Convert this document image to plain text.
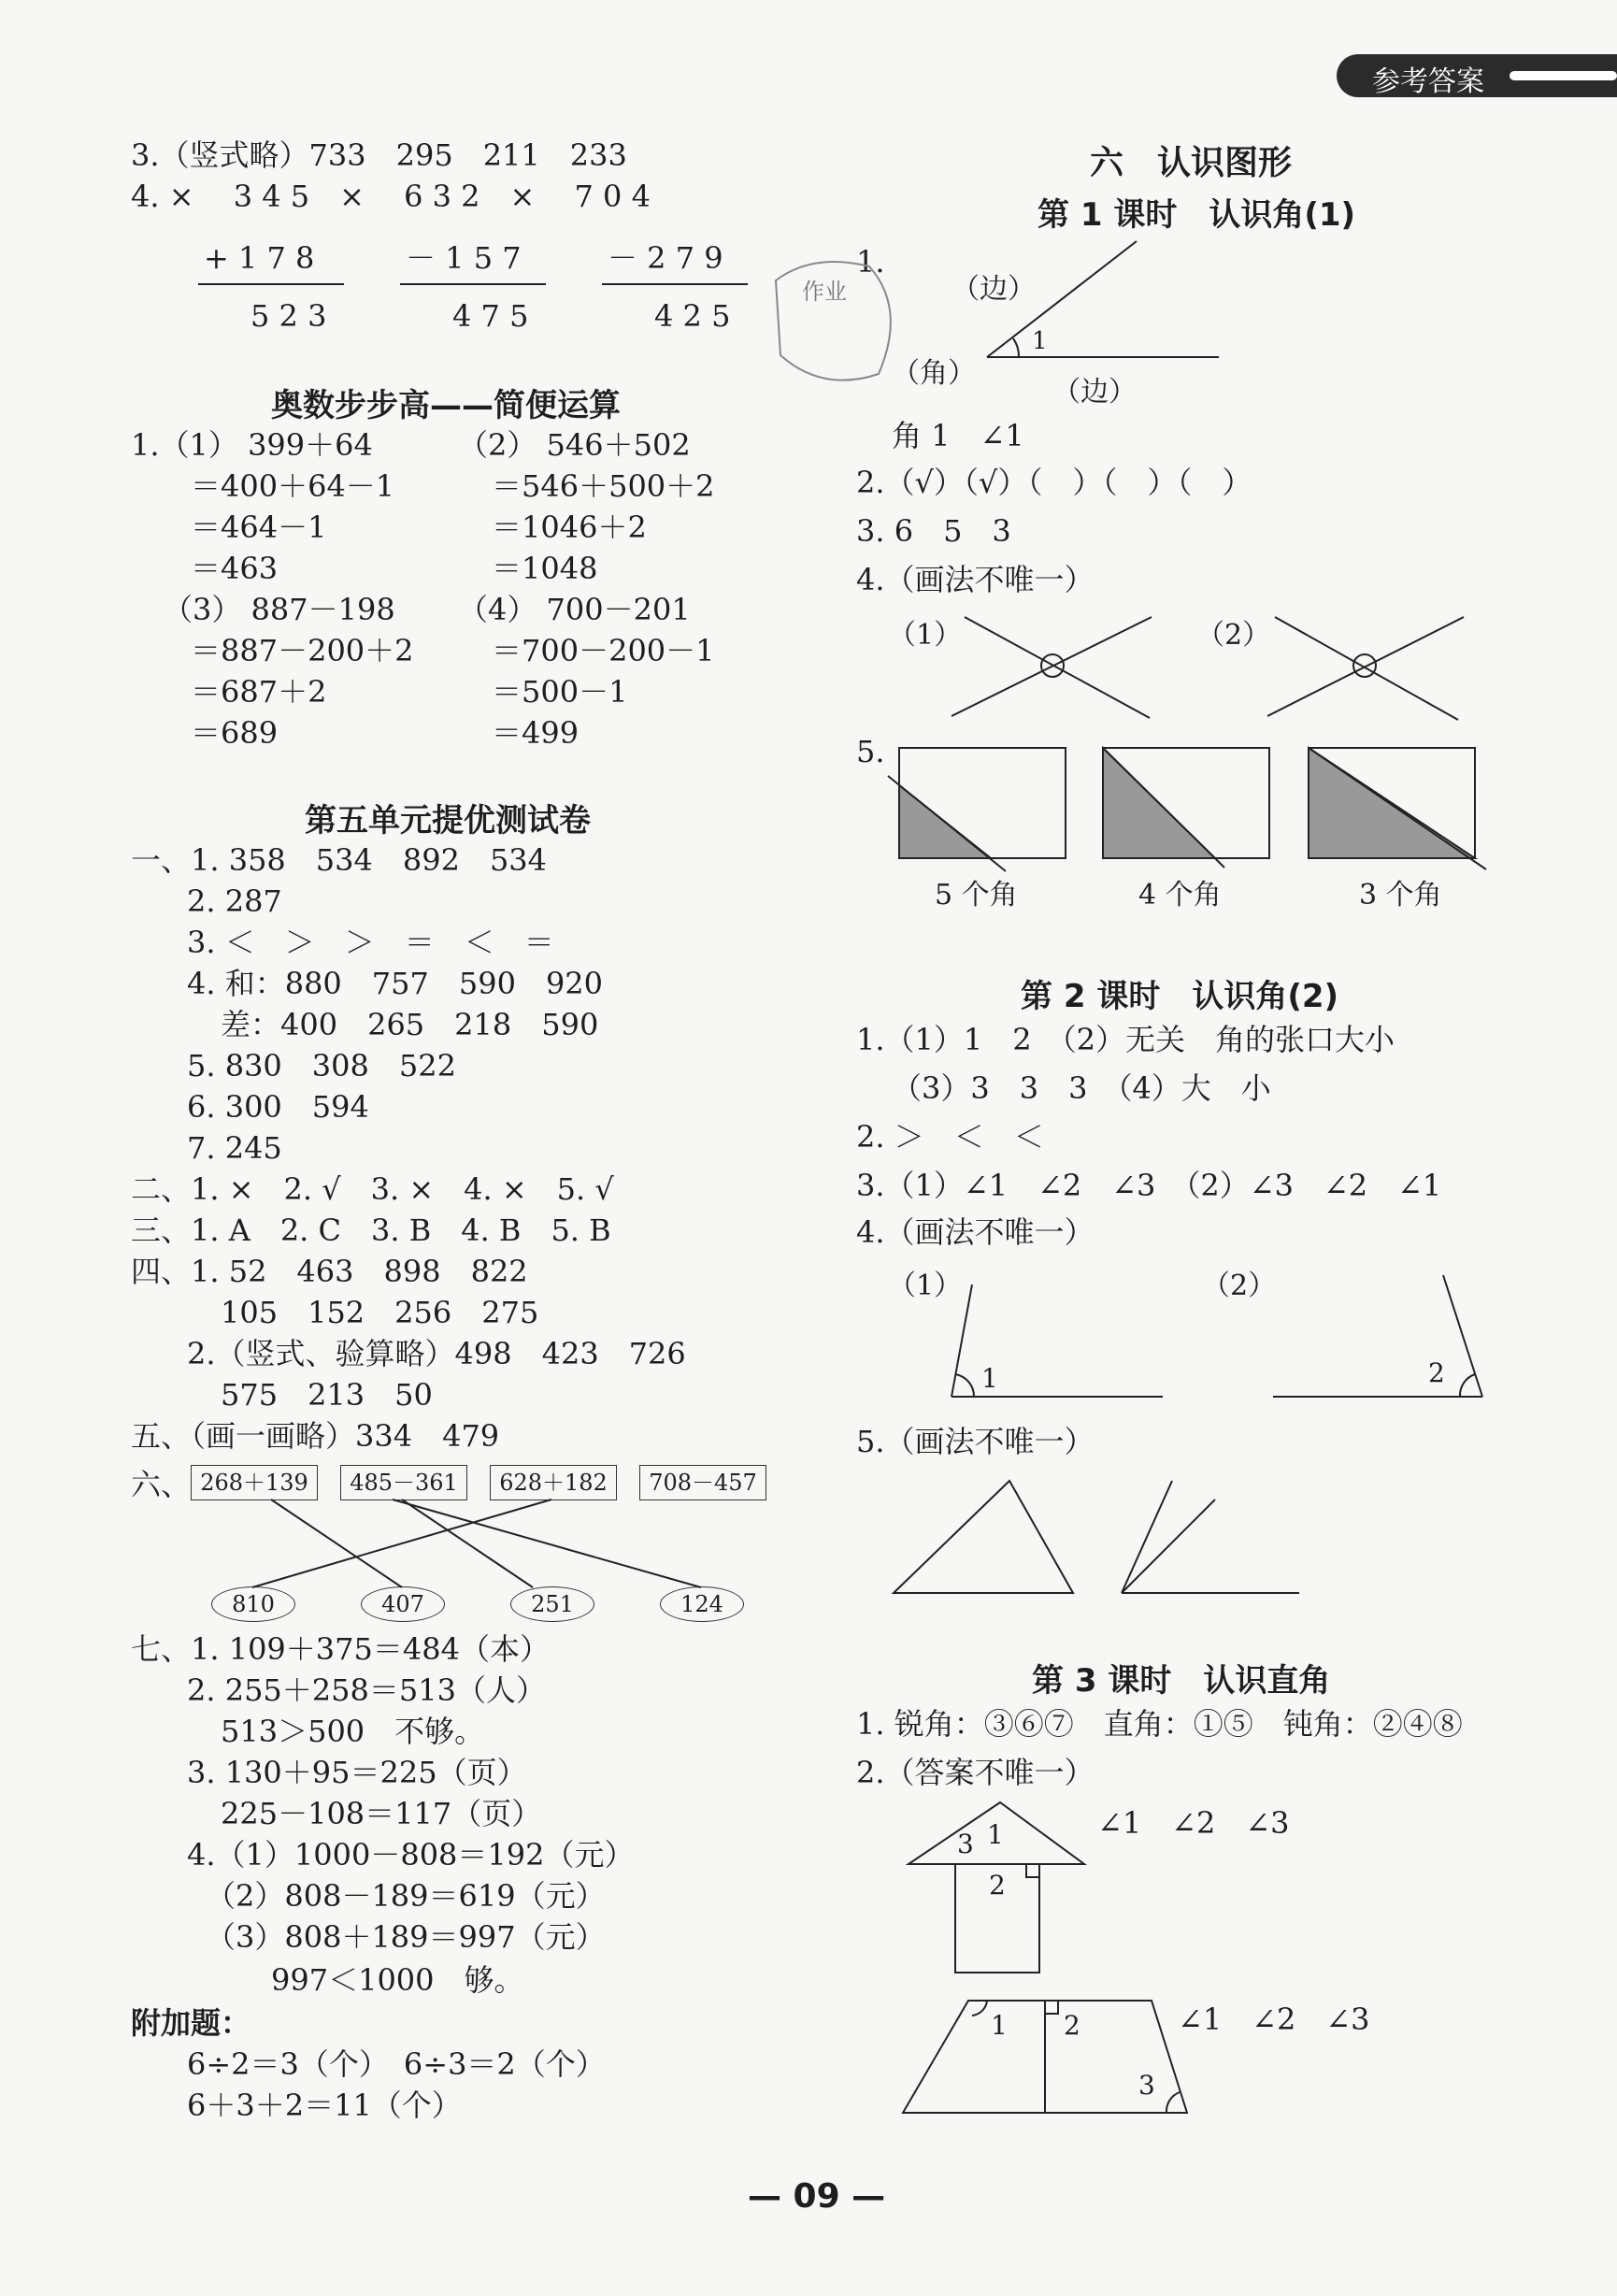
参考答案
3.（竖式略）733　295　211　233
4. ×　 3 4 5　×　 6 3 2　×　 7 0 4
+ 1 7 8
5 2 3
－ 1 5 7
4 7 5
－ 2 7 9
4 2 5
作业
奥数步步高——简便运算
1.（1） 399＋64	（2） 546＋502
＝400＋64－1	＝546＋500＋2
＝464－1	＝1046＋2
＝463	＝1048
（3） 887－198 （4） 700－201
＝887－200＋2	＝700－200－1
＝687＋2	＝500－1
＝689	＝499
第五单元提优测试卷
一、1. 358　534　892　534
2. 287
3. ＜　＞　＞　＝　＜　＝
4. 和：880　757　590　920
差：400　265　218　590
5. 830　308　522
6. 300　594
7. 245
二、1. ×　2. √　3. ×　4. ×　5. √
三、1. A　2. C　3. B　4. B　5. B
四、1. 52　463　898　822
105　152　256　275
2.（竖式、验算略）498　423　726
575　213　50
五、（画一画略）334　479
六、 268＋139	485－361	628＋182	708－457
810	407	251	124
七、1. 109＋375＝484（本）
2. 255＋258＝513（人）
513＞500　不够。
3. 130＋95＝225（页）
225－108＝117（页）
4.（1）1000－808＝192（元）
（2）808－189＝619（元）
（3）808＋189＝997（元）
997＜1000　够。
附加题：
6÷2＝3（个）　6÷3＝2（个）
6＋3＋2＝11（个）
六　认识图形
第 1 课时　认识角(1)
1.
（边）
（角）
（边）
1
角 1　∠1
2.（√）（√）（　）（　）（　）
3. 6　5　3
4.（画法不唯一）
（1）	（2）
5.
5 个角	4 个角	3 个角
第 2 课时　认识角(2)
1.（1）1　2　（2）无关　角的张口大小
（3）3　3　3　（4）大　小
2. ＞　＜　＜
3.（1）∠1　∠2　∠3　（2）∠3　∠2　∠1
4.（画法不唯一）
（1）	（2）
1	2
5.（画法不唯一）
第 3 课时　认识直角
1. 锐角：③⑥⑦　直角：①⑤　钝角：②④⑧
2.（答案不唯一）
∠1　∠2　∠3
∠1　∠2　∠3
3 1
2
1 2
3
— 09 —
